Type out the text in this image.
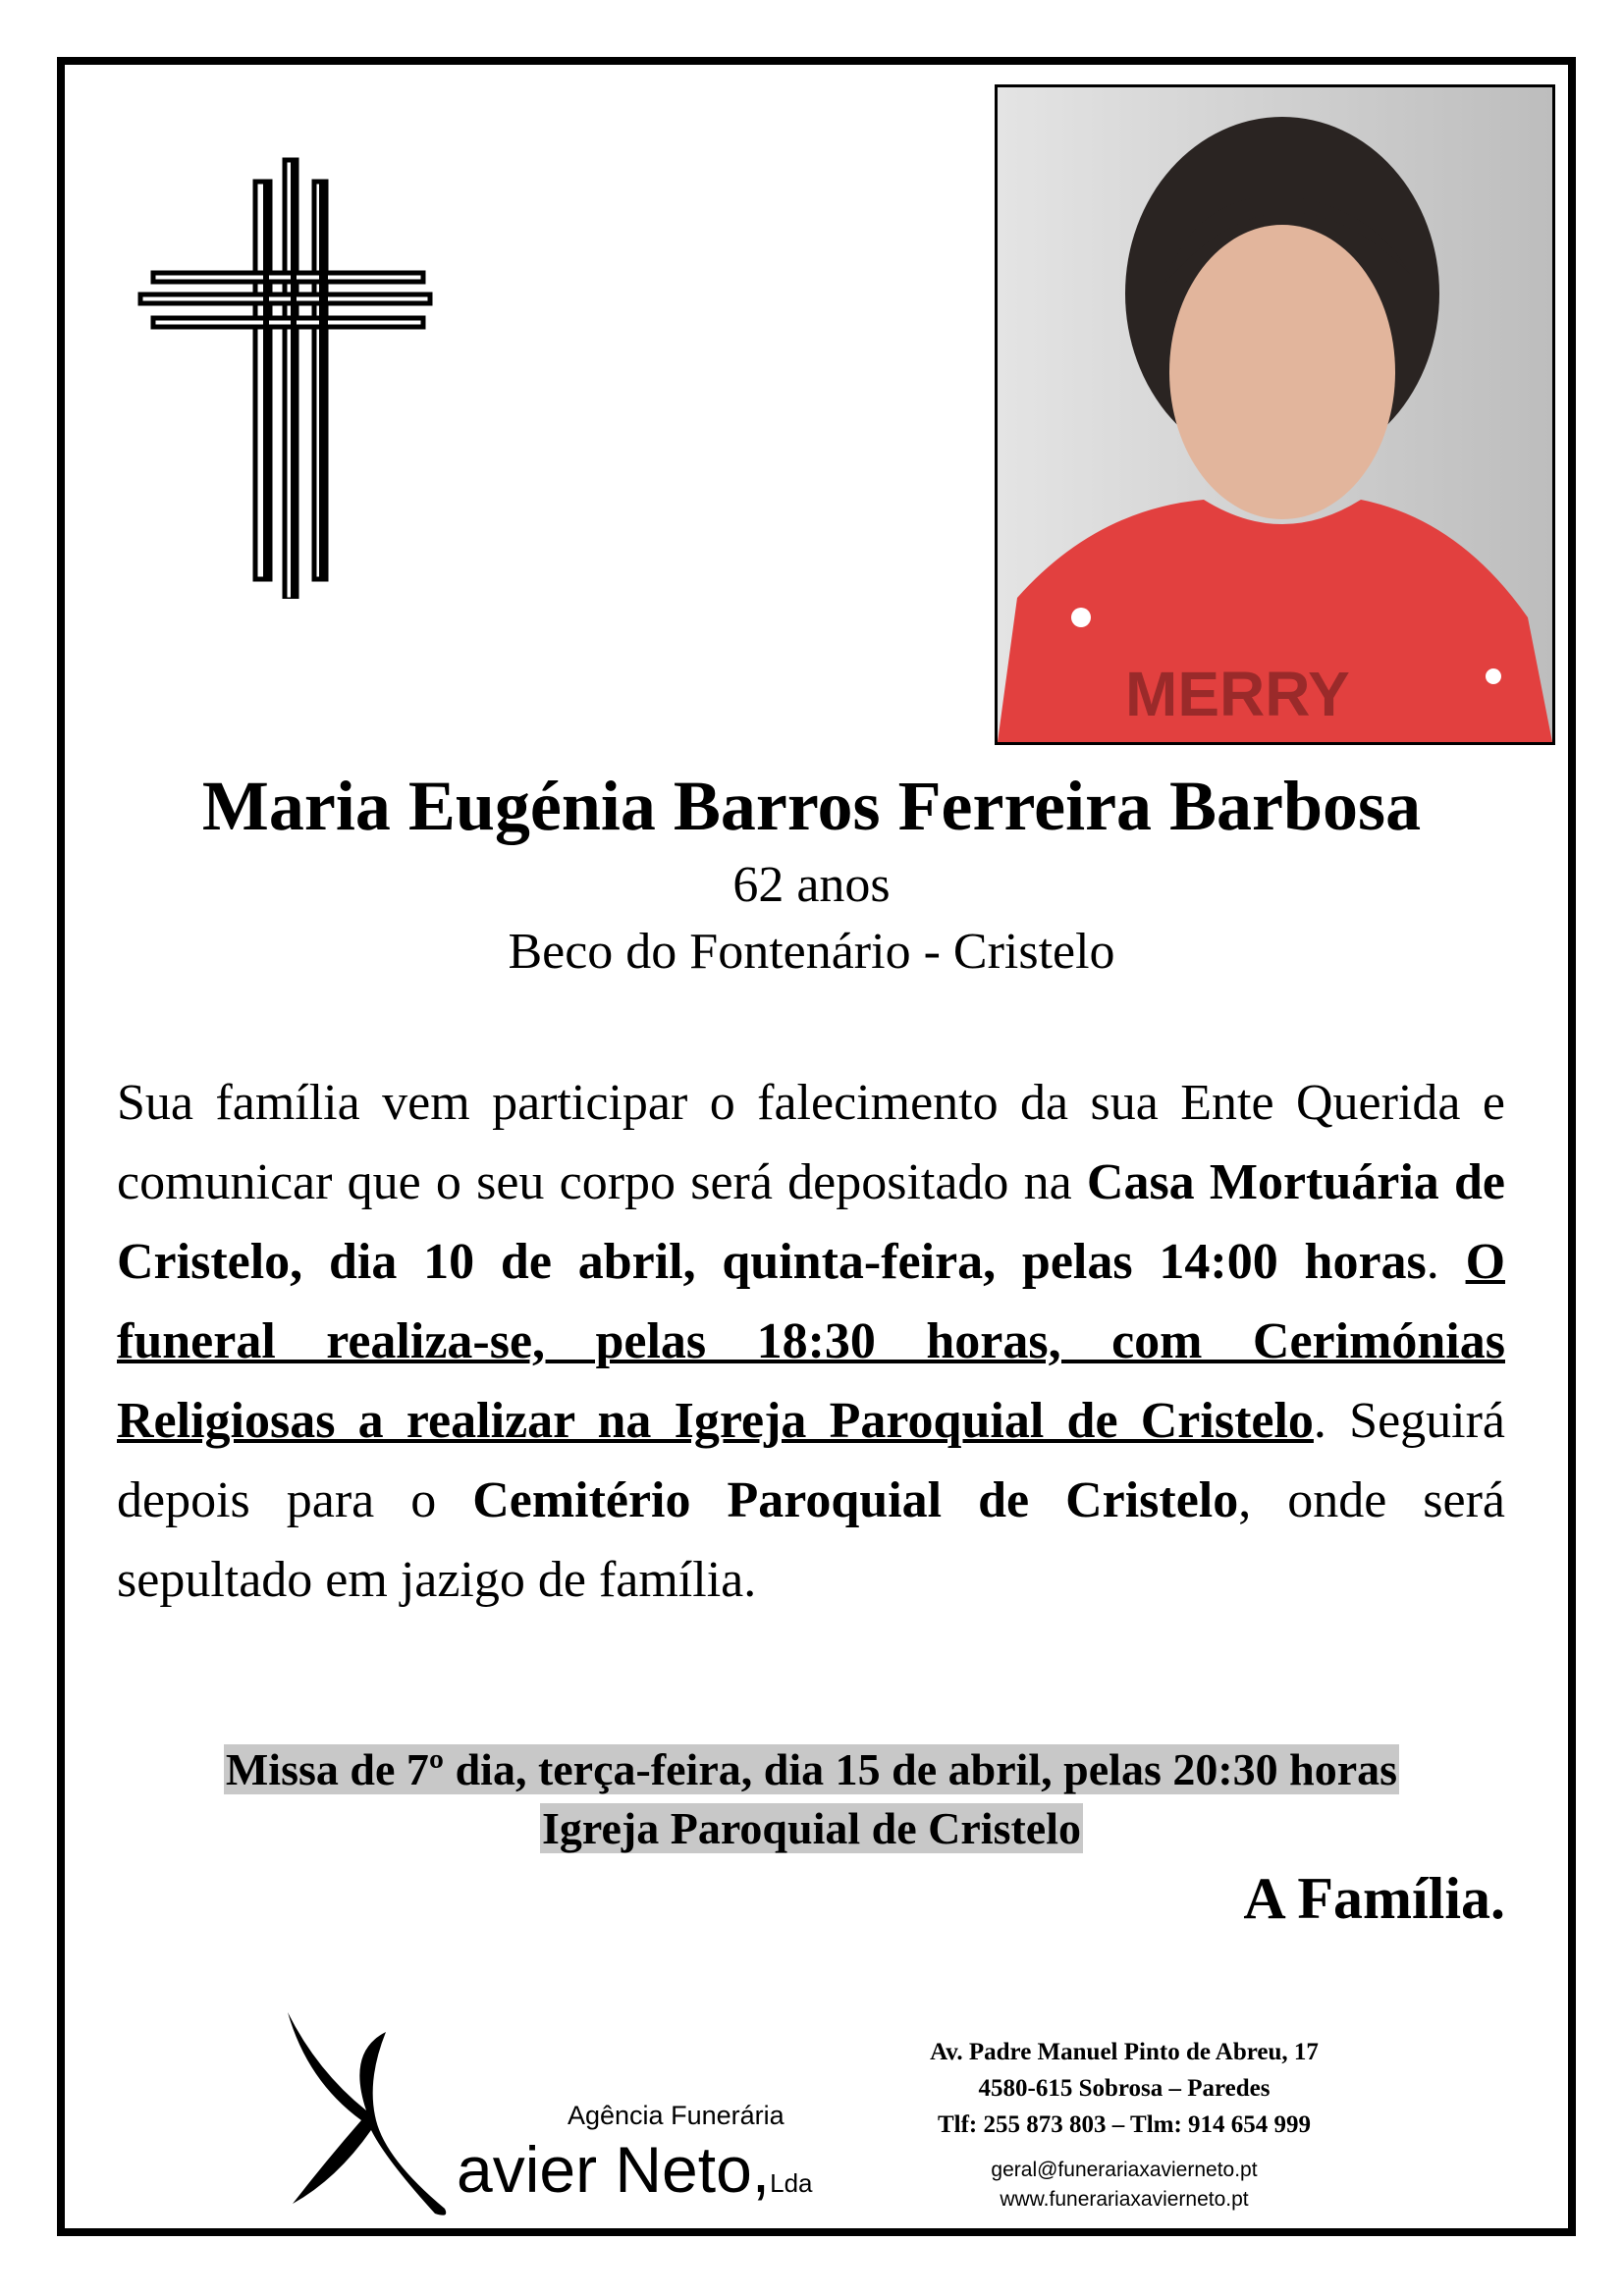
MERRY
Maria Eugénia Barros Ferreira Barbosa
62 anos
Beco do Fontenário - Cristelo
Sua família vem participar o falecimento da sua Ente Querida e comunicar que o seu corpo será depositado na Casa Mortuária de Cristelo, dia 10 de abril, quinta-feira, pelas 14:00 horas. O funeral realiza-se, pelas 18:30 horas, com Cerimónias Religiosas a realizar na Igreja Paroquial de Cristelo. Seguirá depois para o Cemitério Paroquial de Cristelo, onde será sepultado em jazigo de família.
Missa de 7º dia, terça-feira, dia 15 de abril, pelas 20:30 horas
Igreja Paroquial de Cristelo
A Família.
Agência Funerária
avier Neto,Lda
Av. Padre Manuel Pinto de Abreu, 17
4580-615 Sobrosa – Paredes
Tlf: 255 873 803 – Tlm: 914 654 999
geral@funerariaxavierneto.pt
www.funerariaxavierneto.pt
